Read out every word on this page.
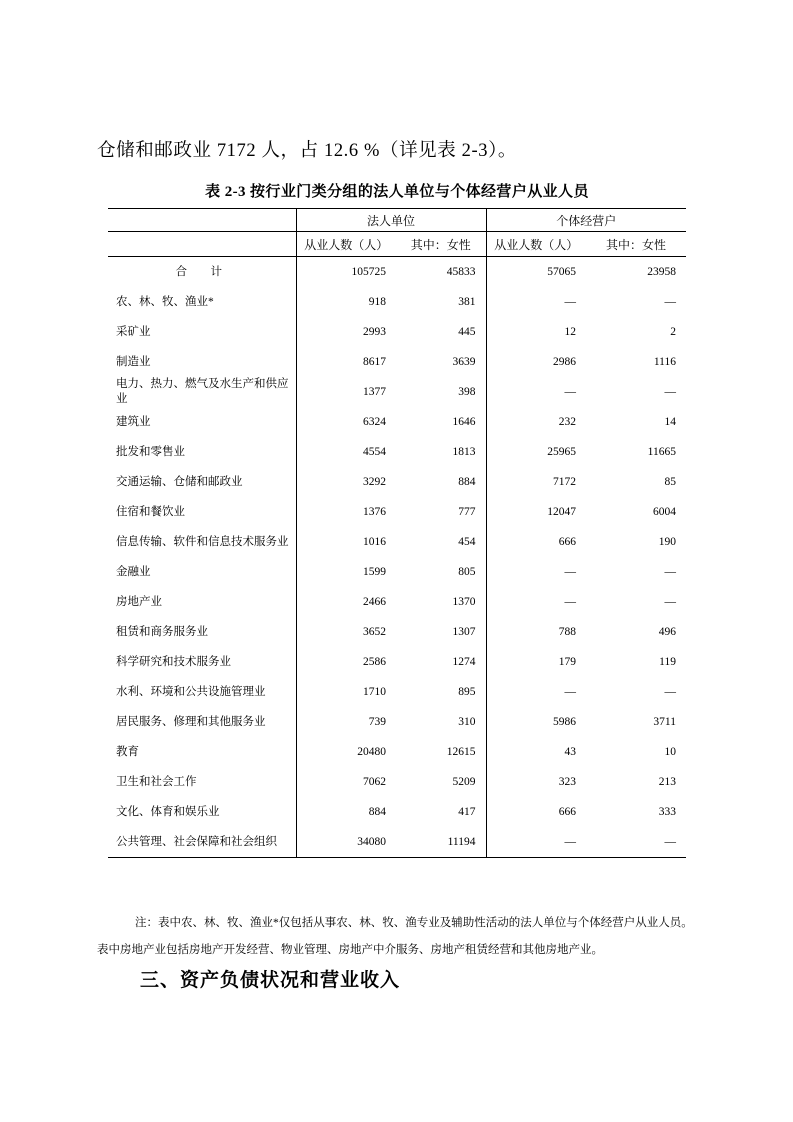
仓储和邮政业 7172 人，占 12.6 %（详见表 2-3）。
表 2-3 按行业门类分组的法人单位与个体经营户从业人员
	法人单位		个体经营户	
	从业人数（人）	其中：女性	从业人数（人）	其中：女性
合　计	105725	45833	57065	23958
农、林、牧、渔业*	918	381	—	—
采矿业	2993	445	12	2
制造业	8617	3639	2986	1116
电力、热力、燃气及水生产和供应业	1377	398	—	—
建筑业	6324	1646	232	14
批发和零售业	4554	1813	25965	11665
交通运输、仓储和邮政业	3292	884	7172	85
住宿和餐饮业	1376	777	12047	6004
信息传输、软件和信息技术服务业	1016	454	666	190
金融业	1599	805	—	—
房地产业	2466	1370	—	—
租赁和商务服务业	3652	1307	788	496
科学研究和技术服务业	2586	1274	179	119
水利、环境和公共设施管理业	1710	895	—	—
居民服务、修理和其他服务业	739	310	5986	3711
教育	20480	12615	43	10
卫生和社会工作	7062	5209	323	213
文化、体育和娱乐业	884	417	666	333
公共管理、社会保障和社会组织	34080	11194	—	—
注：表中农、林、牧、渔业*仅包括从事农、林、牧、渔专业及辅助性活动的法人单位与个体经营户从业人员。
表中房地产业包括房地产开发经营、物业管理、房地产中介服务、房地产租赁经营和其他房地产业。
三、资产负债状况和营业收入
